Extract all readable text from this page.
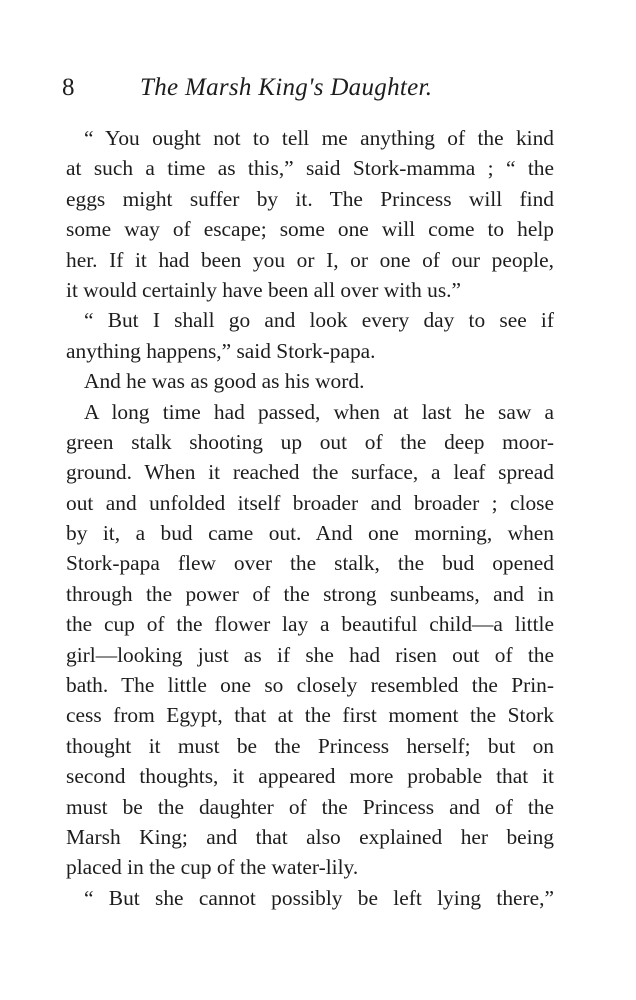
8	The Marsh King's Daughter.
“ You ought not to tell me anything of the kind
at such a time as this,” said Stork-mamma ; “ the
eggs might suffer by it. The Princess will find
some way of escape; some one will come to help
her. If it had been you or I, or one of our people,
it would certainly have been all over with us.”
“ But I shall go and look every day to see if
anything happens,” said Stork-papa.
And he was as good as his word.
A long time had passed, when at last he saw a
green stalk shooting up out of the deep moor-
ground. When it reached the surface, a leaf spread
out and unfolded itself broader and broader ; close
by it, a bud came out. And one morning, when
Stork-papa flew over the stalk, the bud opened
through the power of the strong sunbeams, and in
the cup of the flower lay a beautiful child—a little
girl—looking just as if she had risen out of the
bath. The little one so closely resembled the Prin-
cess from Egypt, that at the first moment the Stork
thought it must be the Princess herself; but on
second thoughts, it appeared more probable that it
must be the daughter of the Princess and of the
Marsh King; and that also explained her being
placed in the cup of the water-lily.
“ But she cannot possibly be left lying there,”
